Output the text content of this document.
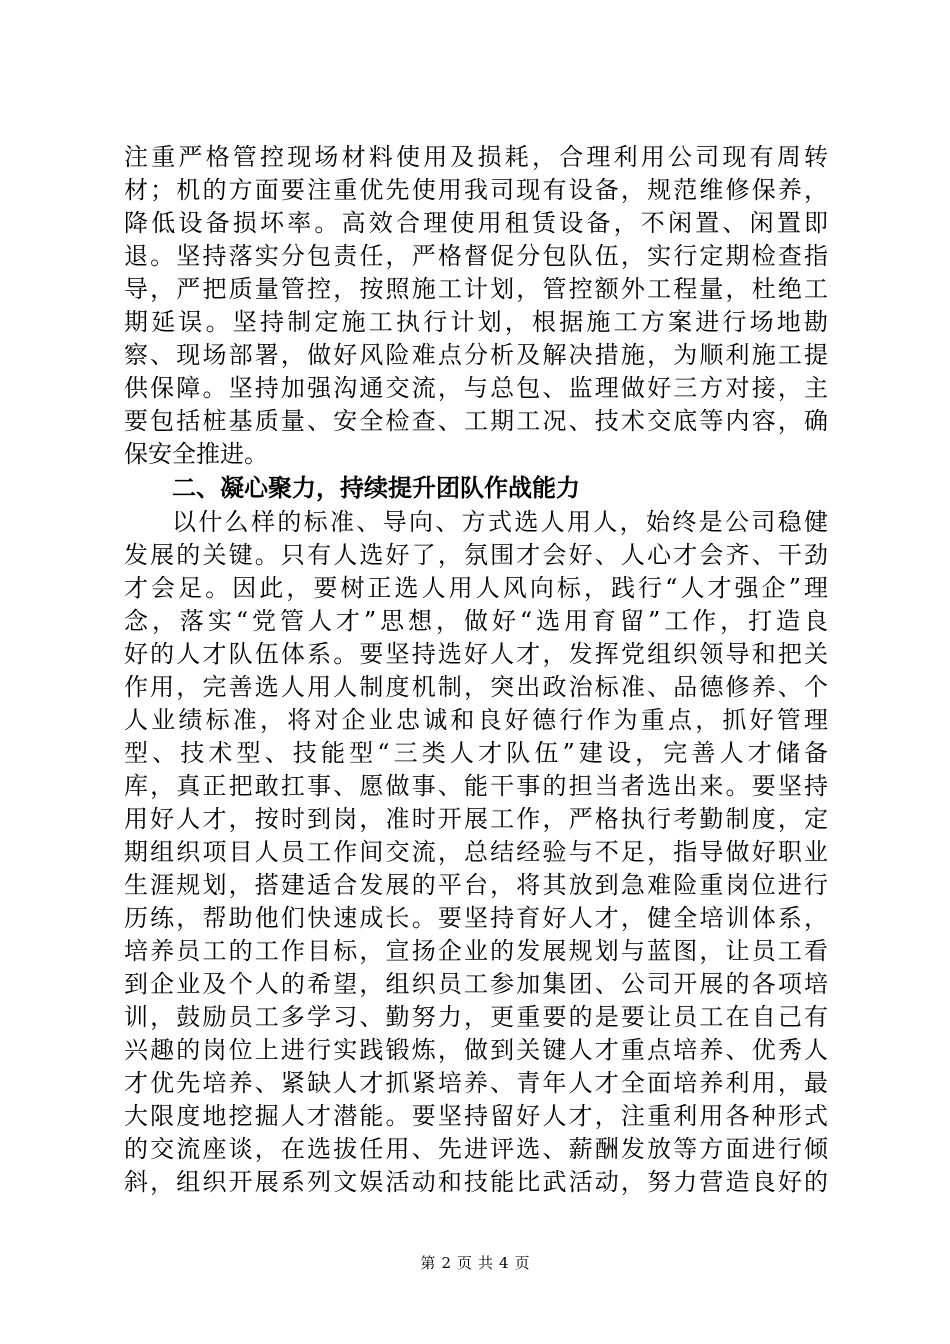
注重严格管控现场材料使用及损耗，合理利用公司现有周转
材；机的方面要注重优先使用我司现有设备，规范维修保养，
降低设备损坏率。高效合理使用租赁设备，不闲置、闲置即
退。坚持落实分包责任，严格督促分包队伍，实行定期检查指
导，严把质量管控，按照施工计划，管控额外工程量，杜绝工
期延误。坚持制定施工执行计划，根据施工方案进行场地勘
察、现场部署，做好风险难点分析及解决措施，为顺利施工提
供保障。坚持加强沟通交流，与总包、监理做好三方对接，主
要包括桩基质量、安全检查、工期工况、技术交底等内容，确
保安全推进。
二、凝心聚力，持续提升团队作战能力
以什么样的标准、导向、方式选人用人，始终是公司稳健
发展的关键。只有人选好了，氛围才会好、人心才会齐、干劲
才会足。因此，要树正选人用人风向标，践行“人才强企”理
念，落实“党管人才”思想，做好“选用育留”工作，打造良
好的人才队伍体系。要坚持选好人才，发挥党组织领导和把关
作用，完善选人用人制度机制，突出政治标准、品德修养、个
人业绩标准，将对企业忠诚和良好德行作为重点，抓好管理
型、技术型、技能型“三类人才队伍”建设，完善人才储备
库，真正把敢扛事、愿做事、能干事的担当者选出来。要坚持
用好人才，按时到岗，准时开展工作，严格执行考勤制度，定
期组织项目人员工作间交流，总结经验与不足，指导做好职业
生涯规划，搭建适合发展的平台，将其放到急难险重岗位进行
历练，帮助他们快速成长。要坚持育好人才，健全培训体系，
培养员工的工作目标，宣扬企业的发展规划与蓝图，让员工看
到企业及个人的希望，组织员工参加集团、公司开展的各项培
训，鼓励员工多学习、勤努力，更重要的是要让员工在自己有
兴趣的岗位上进行实践锻炼，做到关键人才重点培养、优秀人
才优先培养、紧缺人才抓紧培养、青年人才全面培养利用，最
大限度地挖掘人才潜能。要坚持留好人才，注重利用各种形式
的交流座谈，在选拔任用、先进评选、薪酬发放等方面进行倾
斜，组织开展系列文娱活动和技能比武活动，努力营造良好的
第 2 页 共 4 页
